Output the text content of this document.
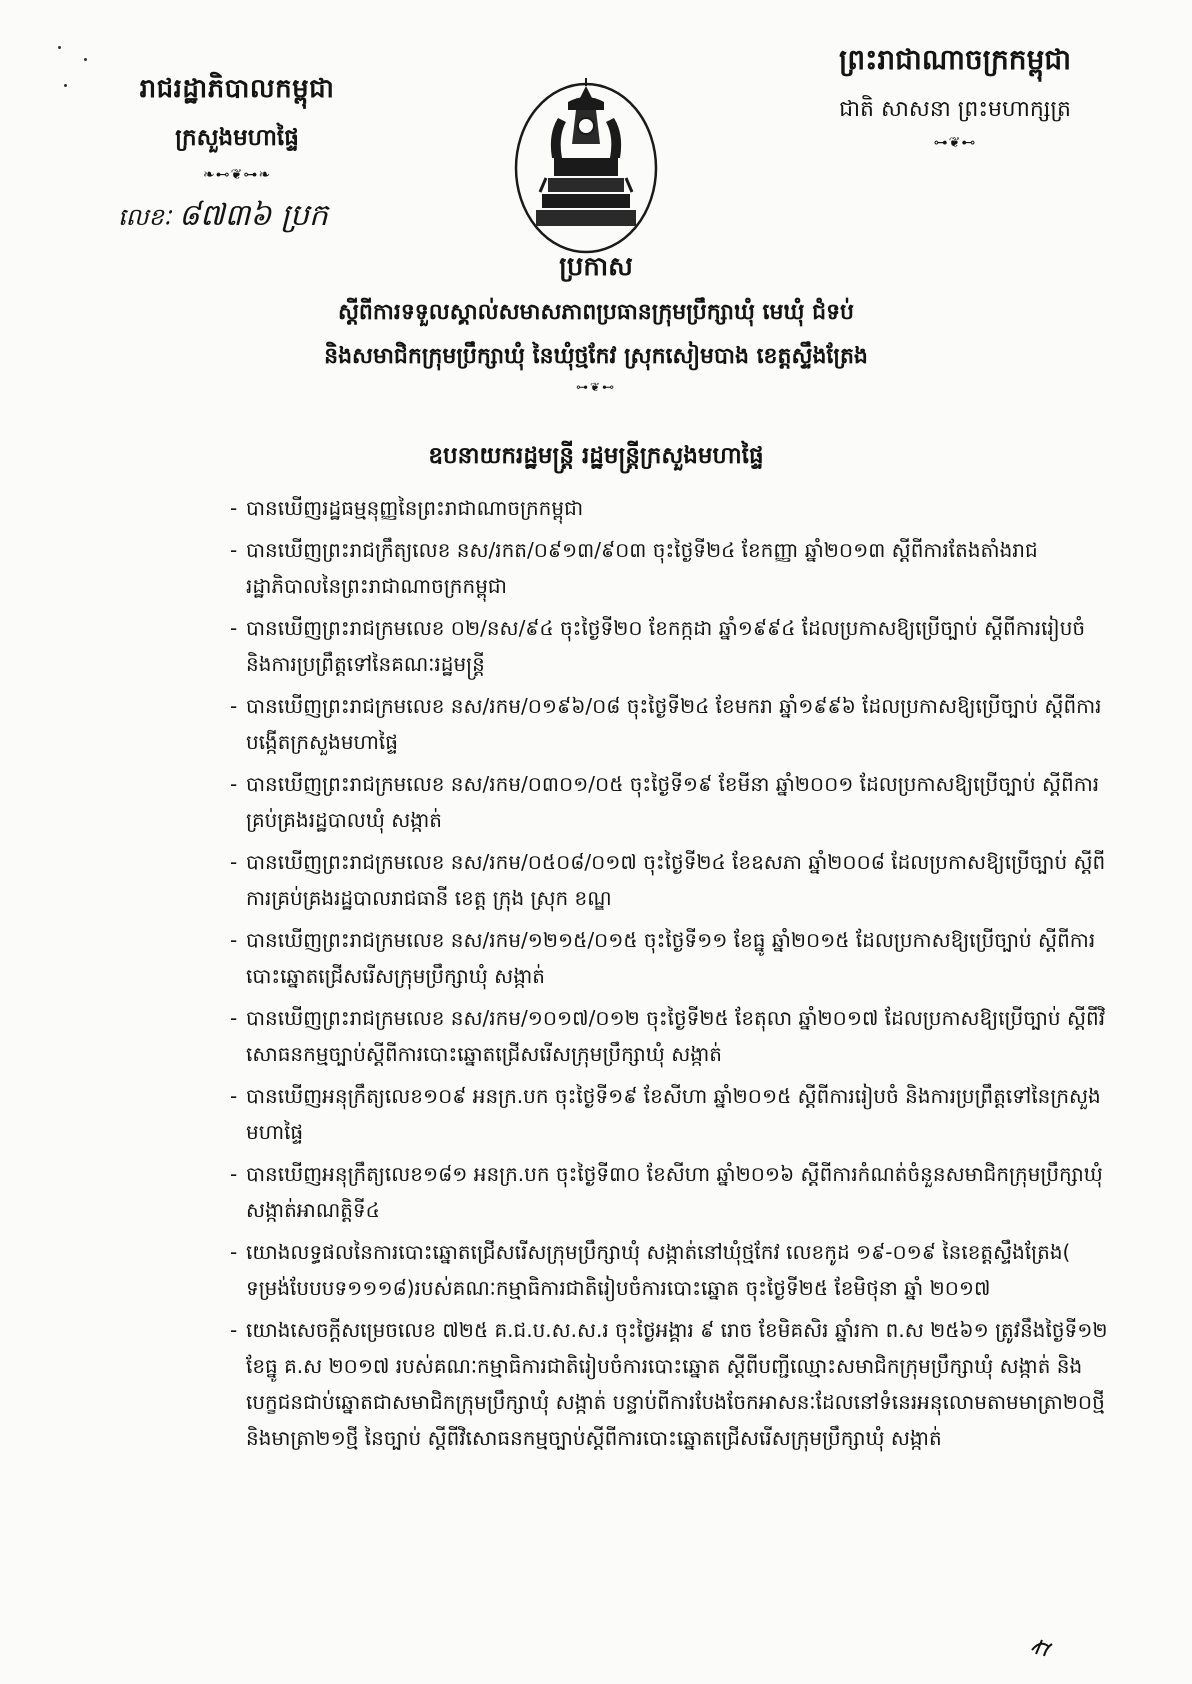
រាជរដ្ឋាភិបាលកម្ពុជា
ក្រសួងមហាផ្ទៃ
❧⊷❦⊶❧
លេខៈ ៨៧៣៦ ប្រក
ព្រះរាជាណាចក្រកម្ពុជា
ជាតិ សាសនា ព្រះមហាក្សត្រ
⊶❦⊷
ប្រកាស
ស្តីពីការទទួលស្គាល់សមាសភាពប្រធានក្រុមប្រឹក្សាឃុំ មេឃុំ ជំទប់
និងសមាជិកក្រុមប្រឹក្សាឃុំ នៃឃុំថ្មកែវ ស្រុកសៀមបាង ខេត្តស្ទឹងត្រែង
⊶❦⊷
ឧបនាយករដ្ឋមន្ត្រី រដ្ឋមន្ត្រីក្រសួងមហាផ្ទៃ
- បានឃើញរដ្ឋធម្មនុញ្ញនៃព្រះរាជាណាចក្រកម្ពុជា
- បានឃើញព្រះរាជក្រឹត្យលេខ នស/រកត/០៩១៣/៩០៣ ចុះថ្ងៃទី២៤ ខែកញ្ញា ឆ្នាំ២០១៣ ស្តីពីការតែងតាំងរាជរដ្ឋាភិបាលនៃព្រះរាជាណាចក្រកម្ពុជា
- បានឃើញព្រះរាជក្រមលេខ ០២/នស/៩៤ ចុះថ្ងៃទី២០ ខែកក្កដា ឆ្នាំ១៩៩៤ ដែលប្រកាសឱ្យប្រើច្បាប់ ស្តីពីការរៀបចំ និងការប្រព្រឹត្តទៅនៃគណៈរដ្ឋមន្ត្រី
- បានឃើញព្រះរាជក្រមលេខ នស/រកម/០១៩៦/០៨ ចុះថ្ងៃទី២៤ ខែមករា ឆ្នាំ១៩៩៦ ដែលប្រកាសឱ្យប្រើច្បាប់ ស្តីពីការបង្កើតក្រសួងមហាផ្ទៃ
- បានឃើញព្រះរាជក្រមលេខ នស/រកម/០៣០១/០៥ ចុះថ្ងៃទី១៩ ខែមីនា ឆ្នាំ២០០១ ដែលប្រកាសឱ្យប្រើច្បាប់ ស្តីពីការគ្រប់គ្រងរដ្ឋបាលឃុំ សង្កាត់
- បានឃើញព្រះរាជក្រមលេខ នស/រកម/០៥០៨/០១៧ ចុះថ្ងៃទី២៤ ខែឧសភា ឆ្នាំ២០០៨ ដែលប្រកាសឱ្យប្រើច្បាប់ ស្តីពីការគ្រប់គ្រងរដ្ឋបាលរាជធានី ខេត្ត ក្រុង ស្រុក ខណ្ឌ
- បានឃើញព្រះរាជក្រមលេខ នស/រកម/១២១៥/០១៥ ចុះថ្ងៃទី១១ ខែធ្នូ ឆ្នាំ២០១៥ ដែលប្រកាសឱ្យប្រើច្បាប់ ស្តីពីការបោះឆ្នោតជ្រើសរើសក្រុមប្រឹក្សាឃុំ សង្កាត់
- បានឃើញព្រះរាជក្រមលេខ នស/រកម/១០១៧/០១២ ចុះថ្ងៃទី២៥ ខែតុលា ឆ្នាំ២០១៧ ដែលប្រកាសឱ្យប្រើច្បាប់ ស្តីពីវិសោធនកម្មច្បាប់ស្តីពីការបោះឆ្នោតជ្រើសរើសក្រុមប្រឹក្សាឃុំ សង្កាត់
- បានឃើញអនុក្រឹត្យលេខ១០៩ អនក្រ.បក ចុះថ្ងៃទី១៩ ខែសីហា ឆ្នាំ២០១៥ ស្តីពីការរៀបចំ និងការប្រព្រឹត្តទៅនៃក្រសួងមហាផ្ទៃ
- បានឃើញអនុក្រឹត្យលេខ១៨១ អនក្រ.បក ចុះថ្ងៃទី៣០ ខែសីហា ឆ្នាំ២០១៦ ស្តីពីការកំណត់ចំនួនសមាជិកក្រុមប្រឹក្សាឃុំ សង្កាត់អាណត្តិទី៤
- យោងលទ្ធផលនៃការបោះឆ្នោតជ្រើសរើសក្រុមប្រឹក្សាឃុំ សង្កាត់នៅឃុំថ្មកែវ លេខកូដ ១៩-០១៩ នៃខេត្តស្ទឹងត្រែង( ទម្រង់បែបបទ១១១៨)របស់គណៈកម្មាធិការជាតិរៀបចំការបោះឆ្នោត ចុះថ្ងៃទី២៥ ខែមិថុនា ឆ្នាំ ២០១៧
- យោងសេចក្តីសម្រេចលេខ ៧២៥ គ.ជ.ប.ស.ស.រ ចុះថ្ងៃអង្គារ ៩ រោច ខែមិគសិរ ឆ្នាំរកា ព.ស ២៥៦១ ត្រូវនឹងថ្ងៃទី១២ ខែធ្នូ គ.ស ២០១៧ របស់គណៈកម្មាធិការជាតិរៀបចំការបោះឆ្នោត ស្តីពីបញ្ជីឈ្មោះសមាជិកក្រុមប្រឹក្សាឃុំ សង្កាត់ និងបេក្ខជនជាប់ឆ្នោតជាសមាជិកក្រុមប្រឹក្សាឃុំ សង្កាត់ បន្ទាប់ពីការបែងចែកអាសនៈដែលនៅទំនេរអនុលោមតាមមាត្រា២០ថ្មី និងមាត្រា២១ថ្មី នៃច្បាប់ ស្តីពីវិសោធនកម្មច្បាប់ស្តីពីការបោះឆ្នោតជ្រើសរើសក្រុមប្រឹក្សាឃុំ សង្កាត់
